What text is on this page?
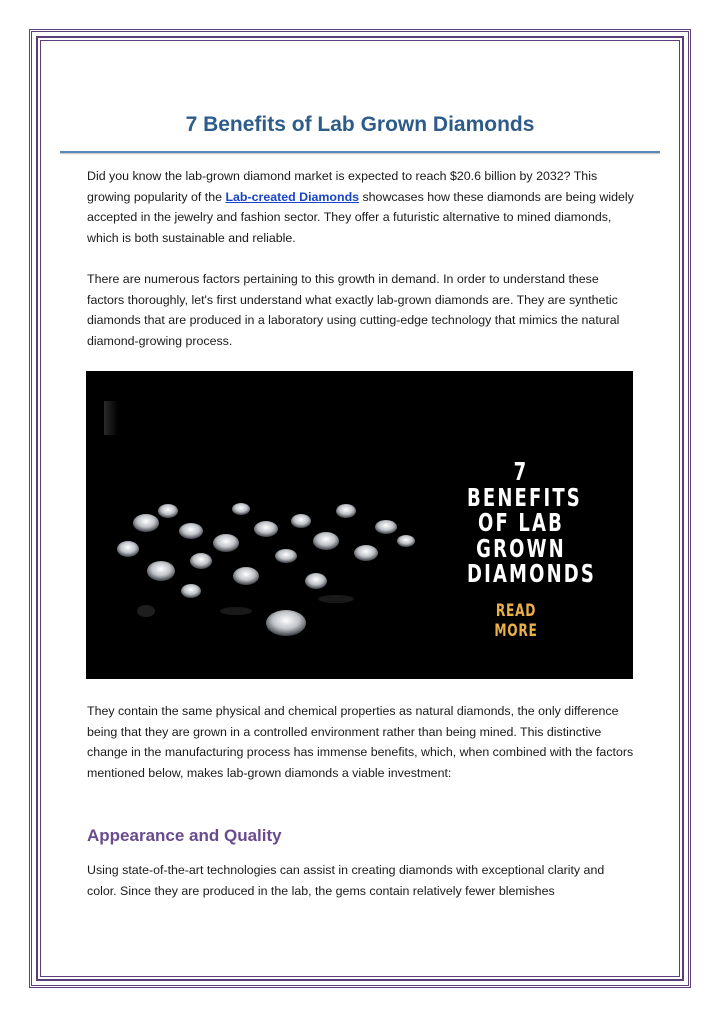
7 Benefits of Lab Grown Diamonds
Did you know the lab-grown diamond market is expected to reach $20.6 billion by 2032? This growing popularity of the Lab-created Diamonds showcases how these diamonds are being widely accepted in the jewelry and fashion sector. They offer a futuristic alternative to mined diamonds, which is both sustainable and reliable.
There are numerous factors pertaining to this growth in demand. In order to understand these factors thoroughly, let's first understand what exactly lab-grown diamonds are. They are synthetic diamonds that are produced in a laboratory using cutting-edge technology that mimics the natural diamond-growing process.
7
BENEFITS
OF LAB
GROWN
DIAMONDS
READ MORE
They contain the same physical and chemical properties as natural diamonds, the only difference being that they are grown in a controlled environment rather than being mined. This distinctive change in the manufacturing process has immense benefits, which, when combined with the factors mentioned below, makes lab-grown diamonds a viable investment:
Appearance and Quality
Using state-of-the-art technologies can assist in creating diamonds with exceptional clarity and color. Since they are produced in the lab, the gems contain relatively fewer blemishes
